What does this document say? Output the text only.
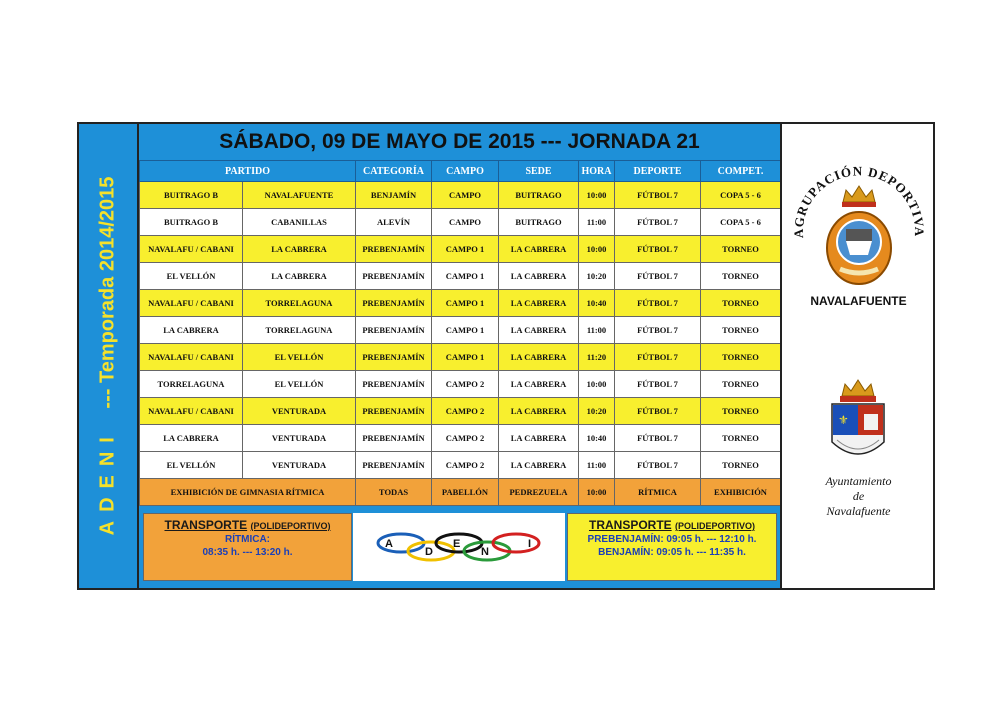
ADENI --- Temporada 2014/2015
SÁBADO, 09 DE MAYO DE 2015 --- JORNADA 21
PARTIDO		CATEGORÍA	CAMPO	SEDE	HORA	DEPORTE	COMPET.
BUITRAGO B	NAVALAFUENTE	BENJAMÍN	CAMPO	BUITRAGO	10:00	FÚTBOL 7	COPA 5 - 6
BUITRAGO B	CABANILLAS	ALEVÍN	CAMPO	BUITRAGO	11:00	FÚTBOL 7	COPA 5 - 6
NAVALAFU / CABANI	LA CABRERA	PREBENJAMÍN	CAMPO 1	LA CABRERA	10:00	FÚTBOL 7	TORNEO
EL VELLÓN	LA CABRERA	PREBENJAMÍN	CAMPO 1	LA CABRERA	10:20	FÚTBOL 7	TORNEO
NAVALAFU / CABANI	TORRELAGUNA	PREBENJAMÍN	CAMPO 1	LA CABRERA	10:40	FÚTBOL 7	TORNEO
LA CABRERA	TORRELAGUNA	PREBENJAMÍN	CAMPO 1	LA CABRERA	11:00	FÚTBOL 7	TORNEO
NAVALAFU / CABANI	EL VELLÓN	PREBENJAMÍN	CAMPO 1	LA CABRERA	11:20	FÚTBOL 7	TORNEO
TORRELAGUNA	EL VELLÓN	PREBENJAMÍN	CAMPO 2	LA CABRERA	10:00	FÚTBOL 7	TORNEO
NAVALAFU / CABANI	VENTURADA	PREBENJAMÍN	CAMPO 2	LA CABRERA	10:20	FÚTBOL 7	TORNEO
LA CABRERA	VENTURADA	PREBENJAMÍN	CAMPO 2	LA CABRERA	10:40	FÚTBOL 7	TORNEO
EL VELLÓN	VENTURADA	PREBENJAMÍN	CAMPO 2	LA CABRERA	11:00	FÚTBOL 7	TORNEO
EXHIBICIÓN DE GIMNASIA RÍTMICA		TODAS	PABELLÓN	PEDREZUELA	10:00	RÍTMICA	EXHIBICIÓN
TRANSPORTE (POLIDEPORTIVO)
RÍTMICA:
08:35 h. --- 13:20 h.
A
D
E
N
I
TRANSPORTE (POLIDEPORTIVO)
PREBENJAMÍN: 09:05 h. --- 12:10 h.
BENJAMÍN: 09:05 h. --- 11:35 h.
AGRUPACIÓN DEPORTIVA
NAVALAFUENTE
⚜
Ayuntamiento
de
Navalafuente
